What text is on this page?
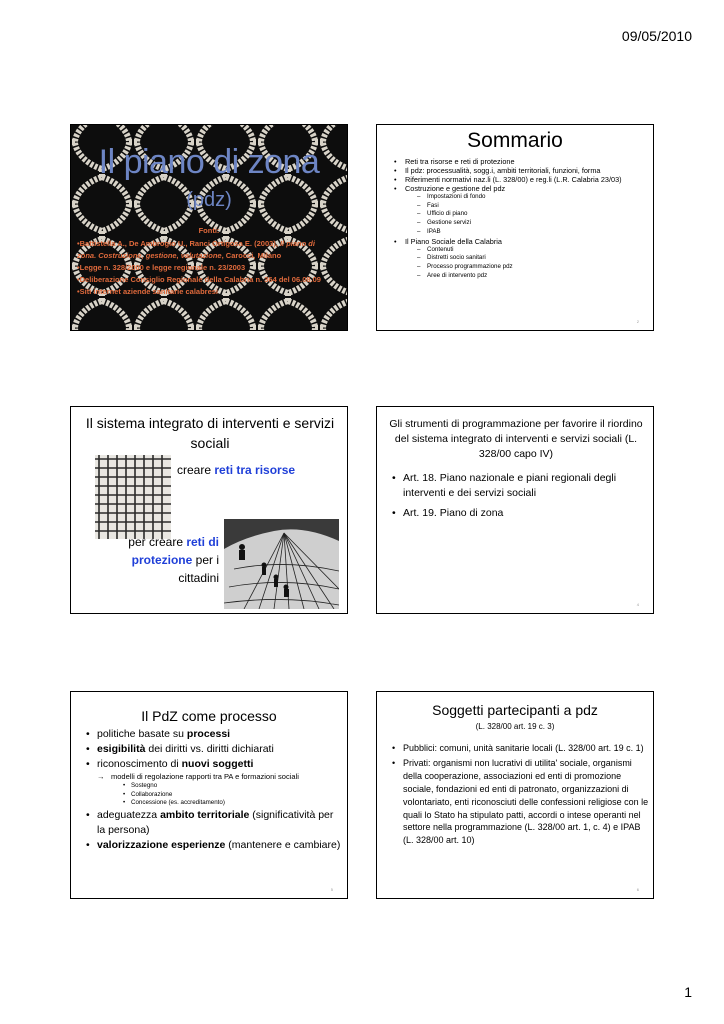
09/05/2010
Il piano di zona
(pdz)
Fonti:
•Battistella A., De Ambrogio U., Ranci Ortigosa E. (2003), Il piano di
zona. Costruzione, gestione, valutazione, Carocci, Milano
•Legge n. 328/2000 e legge regionale n. 23/2003
•Deliberazione Consiglio Regionale della Calabria n. 364 del 06.08.09
•Siti internet aziende sanitarie calabresi
Sommario
• Reti tra risorse e reti di protezione
• Il pdz: processualità, sogg.i, ambiti territoriali, funzioni, forma
• Riferimenti normativi naz.li (L. 328/00) e reg.li (L.R. Calabria 23/03)
• Costruzione e gestione del pdz
– Impostazioni di fondo
– Fasi
– Ufficio di piano
– Gestione servizi
– IPAB
• Il Piano Sociale della Calabria
– Contenuti
– Distretti socio sanitari
– Processo programmazione pdz
– Aree di intervento pdz
2
Il sistema integrato di interventi e servizi sociali
creare reti tra risorse
per creare reti di protezione per i cittadini
3
Gli strumenti di programmazione per favorire il riordino del sistema integrato di interventi e servizi sociali (L. 328/00 capo IV)
• Art. 18. Piano nazionale e piani regionali degli interventi e dei servizi sociali
• Art. 19. Piano di zona
4
Il PdZ come processo
• politiche basate su processi
• esigibilità dei diritti vs. diritti dichiarati
• riconoscimento di nuovi soggetti
→ modelli di regolazione rapporti tra PA e formazioni sociali
• Sostegno
• Collaborazione
• Concessione (es. accreditamento)
• adeguatezza ambito territoriale (significatività per la persona)
• valorizzazione esperienze (mantenere e cambiare)
5
Soggetti partecipanti a pdz
(L. 328/00 art. 19 c. 3)
• Pubblici: comuni, unità sanitarie locali (L. 328/00 art. 19 c. 1)
• Privati: organismi non lucrativi di utilita' sociale, organismi della cooperazione, associazioni ed enti di promozione sociale, fondazioni ed enti di patronato, organizzazioni di volontariato, enti riconosciuti delle confessioni religiose con le quali lo Stato ha stipulato patti, accordi o intese operanti nel settore nella programmazione (L. 328/00 art. 1, c. 4) e IPAB (L. 328/00 art. 10)
6
1
